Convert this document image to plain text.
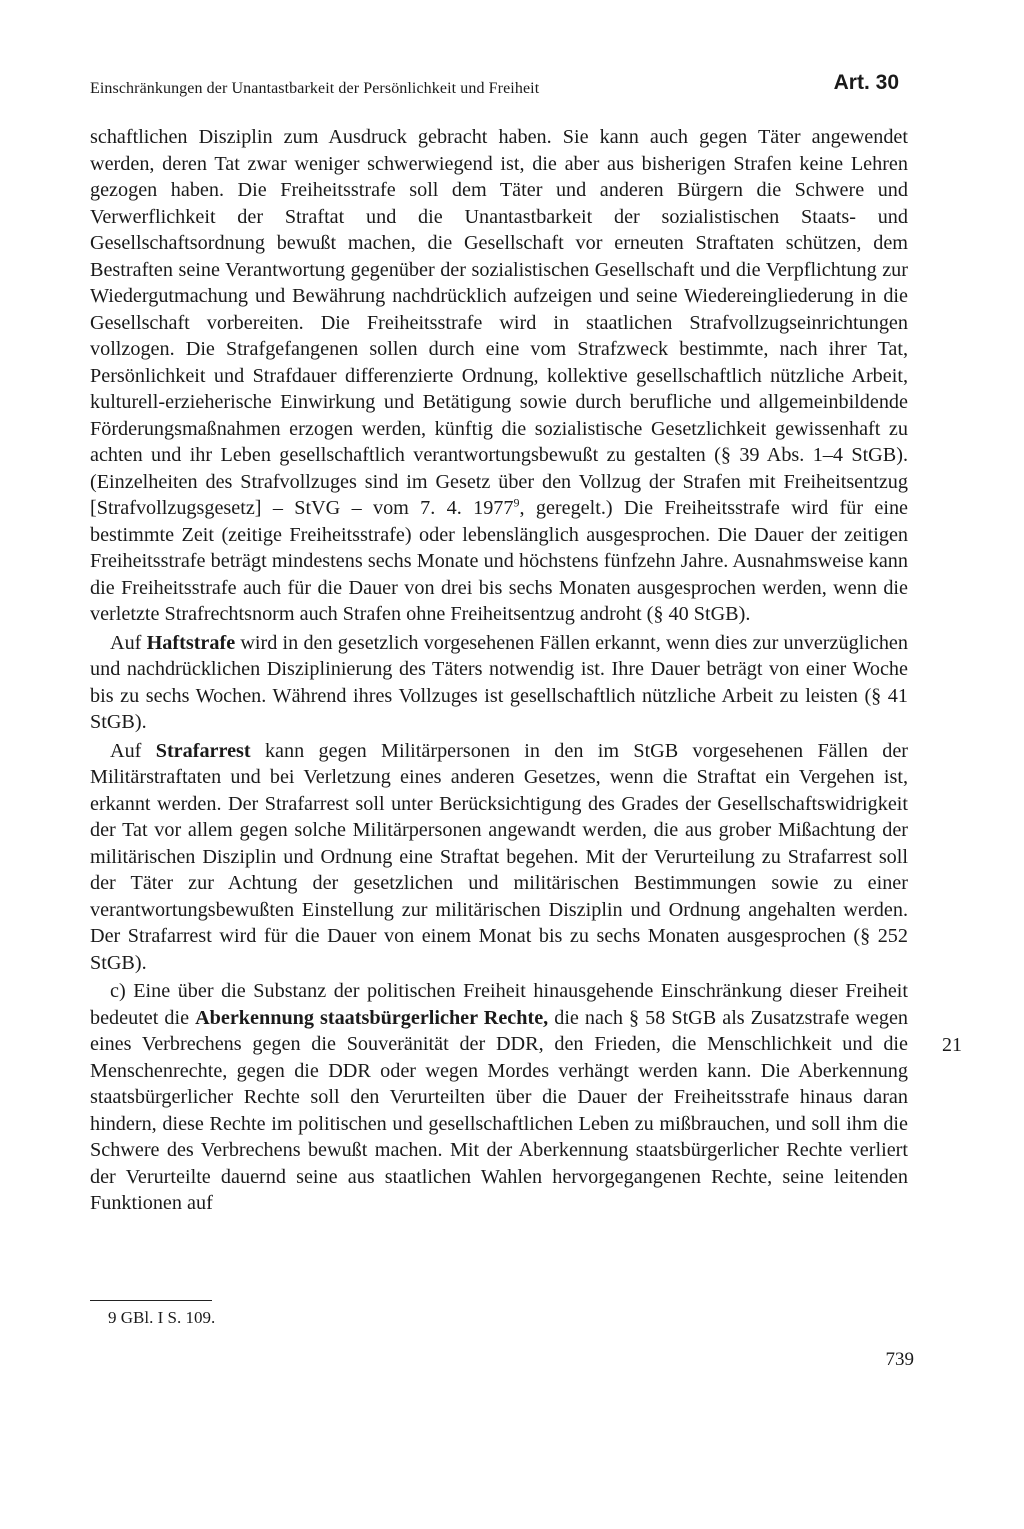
Einschränkungen der Unantastbarkeit der Persönlichkeit und Freiheit	Art. 30

schaftlichen Disziplin zum Ausdruck gebracht haben. Sie kann auch gegen Täter angewendet werden, deren Tat zwar weniger schwerwiegend ist, die aber aus bisherigen Strafen keine Lehren gezogen haben. Die Freiheitsstrafe soll dem Täter und anderen Bürgern die Schwere und Verwerflichkeit der Straftat und die Unantastbarkeit der sozialistischen Staats- und Gesellschaftsordnung bewußt machen, die Gesellschaft vor erneuten Straftaten schützen, dem Bestraften seine Verantwortung gegenüber der sozialistischen Gesellschaft und die Verpflichtung zur Wiedergutmachung und Bewährung nachdrücklich aufzeigen und seine Wiedereingliederung in die Gesellschaft vorbereiten. Die Freiheitsstrafe wird in staatlichen Strafvollzugseinrichtungen vollzogen. Die Strafgefangenen sollen durch eine vom Strafzweck bestimmte, nach ihrer Tat, Persönlichkeit und Strafdauer differenzierte Ordnung, kollektive gesellschaftlich nützliche Arbeit, kulturell-erzieherische Einwirkung und Betätigung sowie durch berufliche und allgemeinbildende Förderungsmaßnahmen erzogen werden, künftig die sozialistische Gesetzlichkeit gewissenhaft zu achten und ihr Leben gesellschaftlich verantwortungsbewußt zu gestalten (§ 39 Abs. 1–4 StGB). (Einzelheiten des Strafvollzuges sind im Gesetz über den Vollzug der Strafen mit Freiheitsentzug [Strafvollzugsgesetz] – StVG – vom 7. 4. 1977$^9$, geregelt.) Die Freiheitsstrafe wird für eine bestimmte Zeit (zeitige Freiheitsstrafe) oder lebenslänglich ausgesprochen. Die Dauer der zeitigen Freiheitsstrafe beträgt mindestens sechs Monate und höchstens fünfzehn Jahre. Ausnahmsweise kann die Freiheitsstrafe auch für die Dauer von drei bis sechs Monaten ausgesprochen werden, wenn die verletzte Strafrechtsnorm auch Strafen ohne Freiheitsentzug androht (§ 40 StGB).

Auf Haftstrafe wird in den gesetzlich vorgesehenen Fällen erkannt, wenn dies zur unverzüglichen und nachdrücklichen Disziplinierung des Täters notwendig ist. Ihre Dauer beträgt von einer Woche bis zu sechs Wochen. Während ihres Vollzuges ist gesellschaftlich nützliche Arbeit zu leisten (§ 41 StGB).

Auf Strafarrest kann gegen Militärpersonen in den im StGB vorgesehenen Fällen der Militärstraftaten und bei Verletzung eines anderen Gesetzes, wenn die Straftat ein Vergehen ist, erkannt werden. Der Strafarrest soll unter Berücksichtigung des Grades der Gesellschaftswidrigkeit der Tat vor allem gegen solche Militärpersonen angewandt werden, die aus grober Mißachtung der militärischen Disziplin und Ordnung eine Straftat begehen. Mit der Verurteilung zu Strafarrest soll der Täter zur Achtung der gesetzlichen und militärischen Bestimmungen sowie zu einer verantwortungsbewußten Einstellung zur militärischen Disziplin und Ordnung angehalten werden. Der Strafarrest wird für die Dauer von einem Monat bis zu sechs Monaten ausgesprochen (§ 252 StGB).

c) Eine über die Substanz der politischen Freiheit hinausgehende Einschränkung dieser Freiheit bedeutet die Aberkennung staatsbürgerlicher Rechte, die nach § 58 StGB als Zusatzstrafe wegen eines Verbrechens gegen die Souveränität der DDR, den Frieden, die Menschlichkeit und die Menschenrechte, gegen die DDR oder wegen Mordes verhängt werden kann. Die Aberkennung staatsbürgerlicher Rechte soll den Verurteilten über die Dauer der Freiheitsstrafe hinaus daran hindern, diese Rechte im politischen und gesellschaftlichen Leben zu mißbrauchen, und soll ihm die Schwere des Verbrechens bewußt machen. Mit der Aberkennung staatsbürgerlicher Rechte verliert der Verurteilte dauernd seine aus staatlichen Wahlen hervorgegangenen Rechte, seine leitenden Funktionen auf

21
9 GBl. I S. 109.
739
